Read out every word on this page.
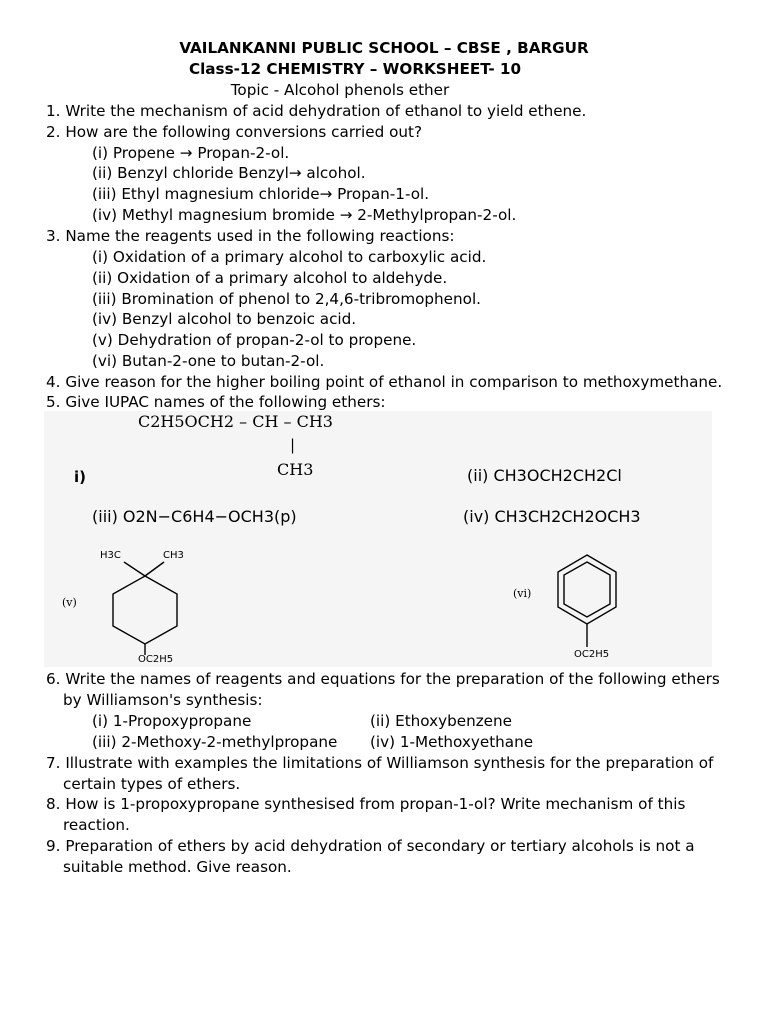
VAILANKANNI PUBLIC SCHOOL – CBSE , BARGUR
Class-12 CHEMISTRY – WORKSHEET- 10
Topic - Alcohol phenols ether
1. Write the mechanism of acid dehydration of ethanol to yield ethene.
2. How are the following conversions carried out?
(i) Propene → Propan-2-ol.
(ii) Benzyl chloride Benzyl→ alcohol.
(iii) Ethyl magnesium chloride→ Propan-1-ol.
(iv) Methyl magnesium bromide → 2-Methylpropan-2-ol.
3. Name the reagents used in the following reactions:
(i) Oxidation of a primary alcohol to carboxylic acid.
(ii) Oxidation of a primary alcohol to aldehyde.
(iii) Bromination of phenol to 2,4,6-tribromophenol.
(iv) Benzyl alcohol to benzoic acid.
(v) Dehydration of propan-2-ol to propene.
(vi) Butan-2-one to butan-2-ol.
4. Give reason for the higher boiling point of ethanol in comparison to methoxymethane.
5. Give IUPAC names of the following ethers:
C2H5OCH2 – CH – CH3
|
CH3
i)	(ii) CH3OCH2CH2Cl
(iii) O2N−C6H4−OCH3(p)	(iv) CH3CH2CH2OCH3
(v)
H3C	CH3
OC2H5
(vi)
OC2H5
6. Write the names of reagents and equations for the preparation of the following ethers
by Williamson's synthesis:
(i) 1-Propoxypropane	(ii) Ethoxybenzene
(iii) 2-Methoxy-2-methylpropane (iv) 1-Methoxyethane
7. Illustrate with examples the limitations of Williamson synthesis for the preparation of
certain types of ethers.
8. How is 1-propoxypropane synthesised from propan-1-ol? Write mechanism of this
reaction.
9. Preparation of ethers by acid dehydration of secondary or tertiary alcohols is not a
suitable method. Give reason.
